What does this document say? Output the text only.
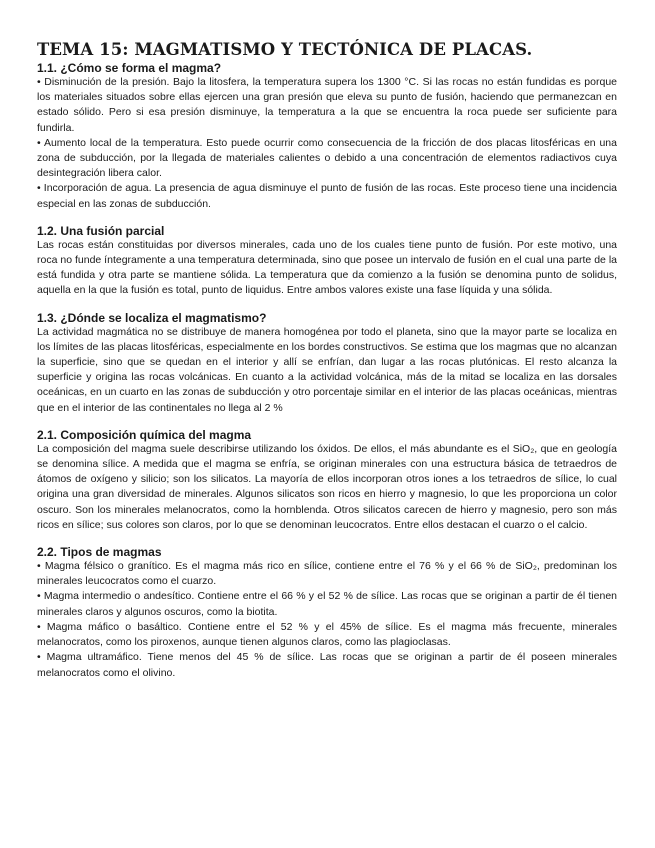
TEMA 15: MAGMATISMO Y TECTÓNICA DE PLACAS.
1.1. ¿Cómo se forma el magma?

• Disminución de la presión. Bajo la litosfera, la temperatura supera los 1300 °C. Si las rocas no están fundidas es porque los materiales situados sobre ellas ejercen una gran presión que eleva su punto de fusión, haciendo que permanezcan en estado sólido. Pero si esa presión disminuye, la temperatura a la que se encuentra la roca puede ser suficiente para fundirla.

• Aumento local de la temperatura. Esto puede ocurrir como consecuencia de la fricción de dos placas litosféricas en una zona de subducción, por la llegada de materiales calientes o debido a una concentración de elementos radiactivos cuya desintegración libera calor.

• Incorporación de agua. La presencia de agua disminuye el punto de fusión de las rocas. Este proceso tiene una incidencia especial en las zonas de subducción.

1.2. Una fusión parcial

Las rocas están constituidas por diversos minerales, cada uno de los cuales tiene punto de fusión. Por este motivo, una roca no funde íntegramente a una temperatura determinada, sino que posee un intervalo de fusión en el cual una parte de la está fundida y otra parte se mantiene sólida. La temperatura que da comienzo a la fusión se denomina punto de solidus, aquella en la que la fusión es total, punto de liquidus. Entre ambos valores existe una fase líquida y una sólida.

1.3. ¿Dónde se localiza el magmatismo?

La actividad magmática no se distribuye de manera homogénea por todo el planeta, sino que la mayor parte se localiza en los límites de las placas litosféricas, especialmente en los bordes constructivos. Se estima que los magmas que no alcanzan la superficie, sino que se quedan en el interior y allí se enfrían, dan lugar a las rocas plutónicas. El resto alcanza la superficie y origina las rocas volcánicas. En cuanto a la actividad volcánica, más de la mitad se localiza en las dorsales oceánicas, en un cuarto en las zonas de subducción y otro porcentaje similar en el interior de las placas oceánicas, mientras que en el interior de las continentales no llega al 2 %

2.1. Composición química del magma

La composición del magma suele describirse utilizando los óxidos. De ellos, el más abundante es el SiO₂, que en geología se denomina sílice. A medida que el magma se enfría, se originan minerales con una estructura básica de tetraedros de átomos de oxígeno y silicio; son los silicatos. La mayoría de ellos incorporan otros iones a los tetraedros de sílice, lo cual origina una gran diversidad de minerales. Algunos silicatos son ricos en hierro y magnesio, lo que les proporciona un color oscuro. Son los minerales melanocratos, como la hornblenda. Otros silicatos carecen de hierro y magnesio, pero son más ricos en sílice; sus colores son claros, por lo que se denominan leucocratos. Entre ellos destacan el cuarzo o el calcio.

2.2. Tipos de magmas

• Magma félsico o granítico. Es el magma más rico en sílice, contiene entre el 76 % y el 66 % de SiO₂, predominan los minerales leucocratos como el cuarzo.

• Magma intermedio o andesítico. Contiene entre el 66 % y el 52 % de sílice. Las rocas que se originan a partir de él tienen minerales claros y algunos oscuros, como la biotita.

• Magma máfico o basáltico. Contiene entre el 52 % y el 45% de sílice. Es el magma más frecuente, minerales melanocratos, como los piroxenos, aunque tienen algunos claros, como las plagioclasas.

• Magma ultramáfico. Tiene menos del 45 % de sílice. Las rocas que se originan a partir de él poseen minerales melanocratos como el olivino.
